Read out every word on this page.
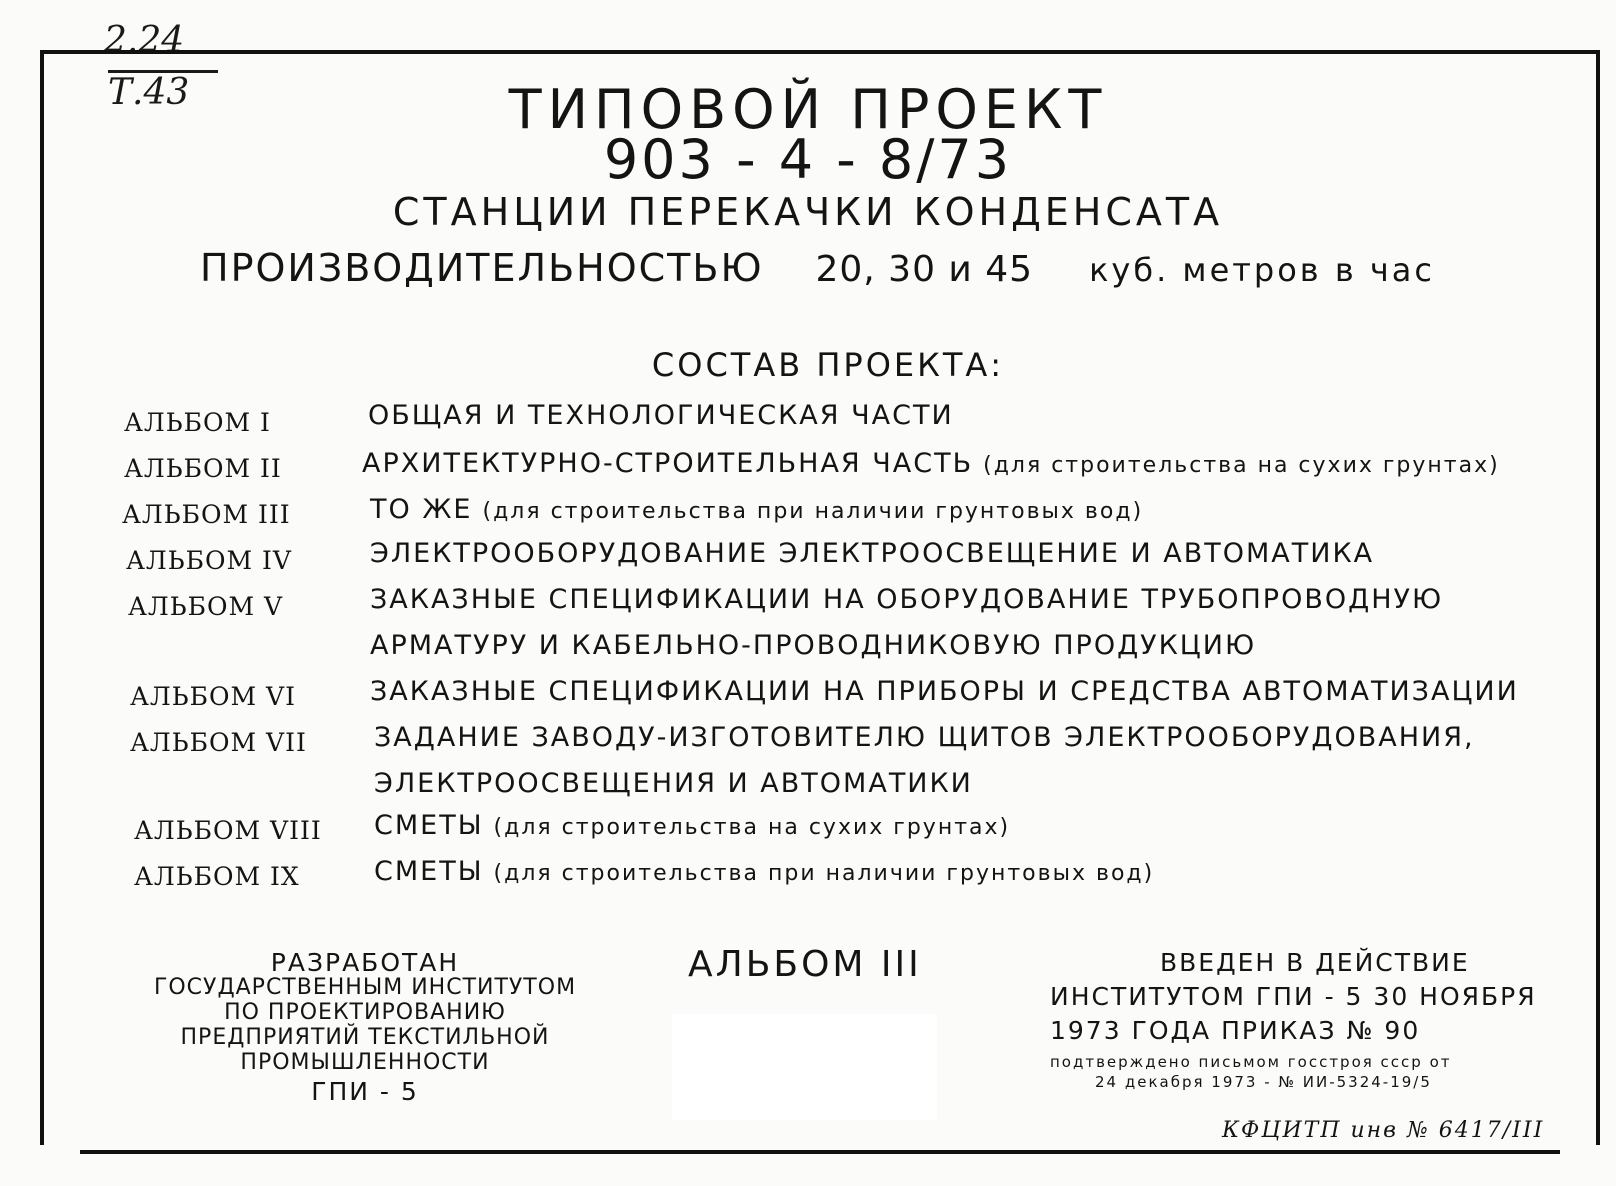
2.24
Т.43	ТИПОВОЙ ПРОЕКТ
903 - 4 - 8/73
СТАНЦИИ ПЕРЕКАЧКИ КОНДЕНСАТА
ПРОИЗВОДИТЕЛЬНОСТЬЮ 20, 30 и 45 куб. метров в час
СОСТАВ ПРОЕКТА:
АЛЬБОМ I	ОБЩАЯ И ТЕХНОЛОГИЧЕСКАЯ ЧАСТИ
АЛЬБОМ II	АРХИТЕКТУРНО-СТРОИТЕЛЬНАЯ ЧАСТЬ (для строительства на сухих грунтах)
АЛЬБОМ III	ТО ЖЕ (для строительства при наличии грунтовых вод)
АЛЬБОМ IV	ЭЛЕКТРООБОРУДОВАНИЕ ЭЛЕКТРООСВЕЩЕНИЕ И АВТОМАТИКА
АЛЬБОМ V	ЗАКАЗНЫЕ СПЕЦИФИКАЦИИ НА ОБОРУДОВАНИЕ ТРУБОПРОВОДНУЮ
АРМАТУРУ И КАБЕЛЬНО-ПРОВОДНИКОВУЮ ПРОДУКЦИЮ
АЛЬБОМ VI	ЗАКАЗНЫЕ СПЕЦИФИКАЦИИ НА ПРИБОРЫ И СРЕДСТВА АВТОМАТИЗАЦИИ
АЛЬБОМ VII ЗАДАНИЕ ЗАВОДУ-ИЗГОТОВИТЕЛЮ ЩИТОВ ЭЛЕКТРООБОРУДОВАНИЯ,
ЭЛЕКТРООСВЕЩЕНИЯ И АВТОМАТИКИ
АЛЬБОМ VIII СМЕТЫ (для строительства на сухих грунтах)
АЛЬБОМ IX	СМЕТЫ (для строительства при наличии грунтовых вод)
РАЗРАБОТАН
ГОСУДАРСТВЕННЫМ ИНСТИТУТОМ
ПО ПРОЕКТИРОВАНИЮ
ПРЕДПРИЯТИЙ ТЕКСТИЛЬНОЙ
ПРОМЫШЛЕННОСТИ
ГПИ - 5
АЛЬБОМ III	ВВЕДЕН В ДЕЙСТВИЕ
ИНСТИТУТОМ ГПИ - 5 30 НОЯБРЯ
1973 ГОДА ПРИКАЗ № 90
подтверждено письмом госстроя ссср от
24 декабря 1973 - № ИИ-5324-19/5
КФЦИТП инв № 6417/III
